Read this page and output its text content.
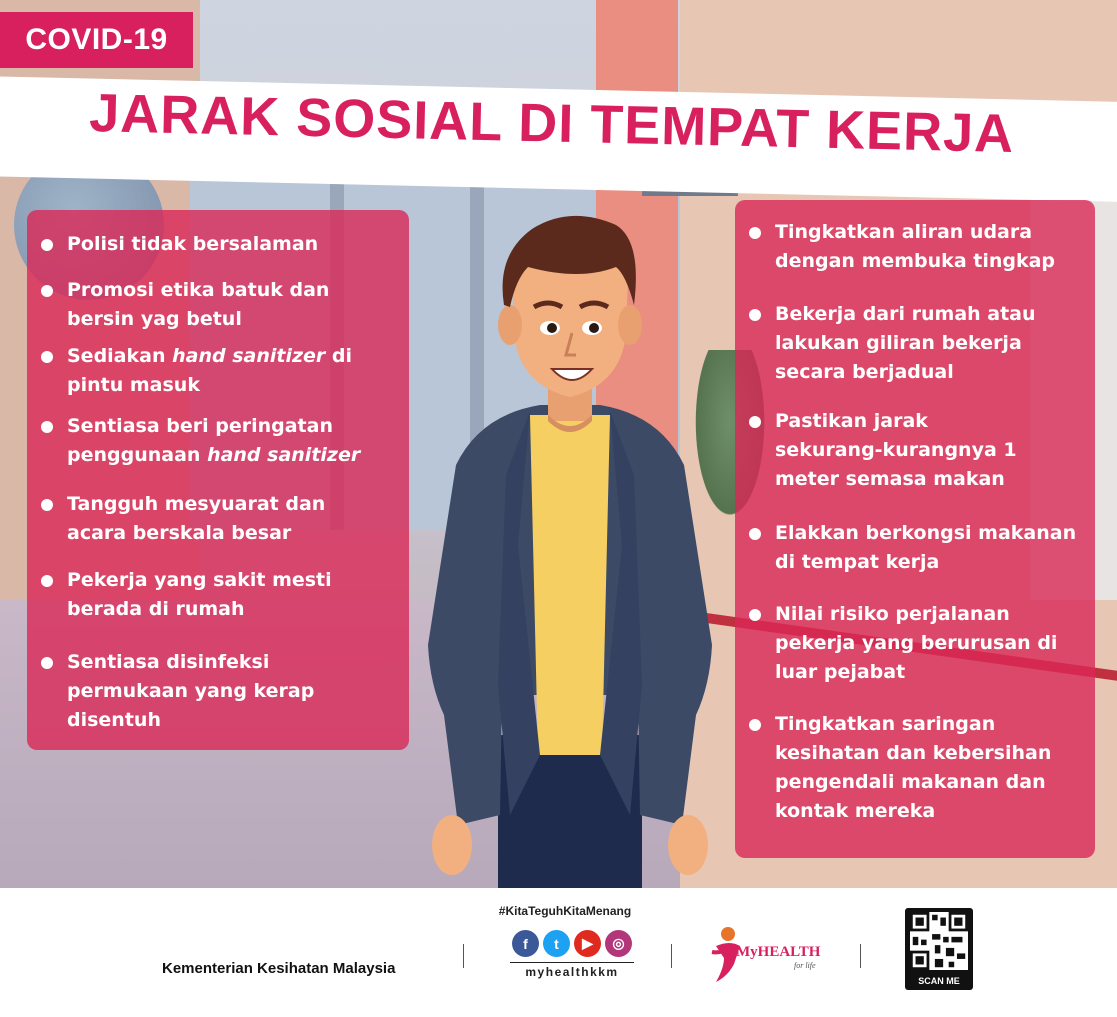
COVID-19
JARAK SOSIAL DI TEMPAT KERJA
Polisi tidak bersalaman
Promosi etika batuk dan
bersin yag betul
Sediakan hand sanitizer di
pintu masuk
Sentiasa beri peringatan
penggunaan hand sanitizer
Tangguh mesyuarat dan
acara berskala besar
Pekerja yang sakit mesti
berada di rumah
Sentiasa disinfeksi
permukaan yang kerap
disentuh
Tingkatkan aliran udara
dengan membuka tingkap
Bekerja dari rumah atau
lakukan giliran bekerja
secara berjadual
Pastikan jarak
sekurang-kurangnya 1
meter semasa makan
Elakkan berkongsi makanan
di tempat kerja
Nilai risiko perjalanan
pekerja yang berurusan di
luar pejabat
Tingkatkan saringan
kesihatan dan kebersihan
pengendali makanan dan
kontak mereka
Kementerian Kesihatan Malaysia
#KitaTeguhKitaMenang
f	t	▶	◎
myhealthkkm
MyHEALTH
for life
SCAN ME
